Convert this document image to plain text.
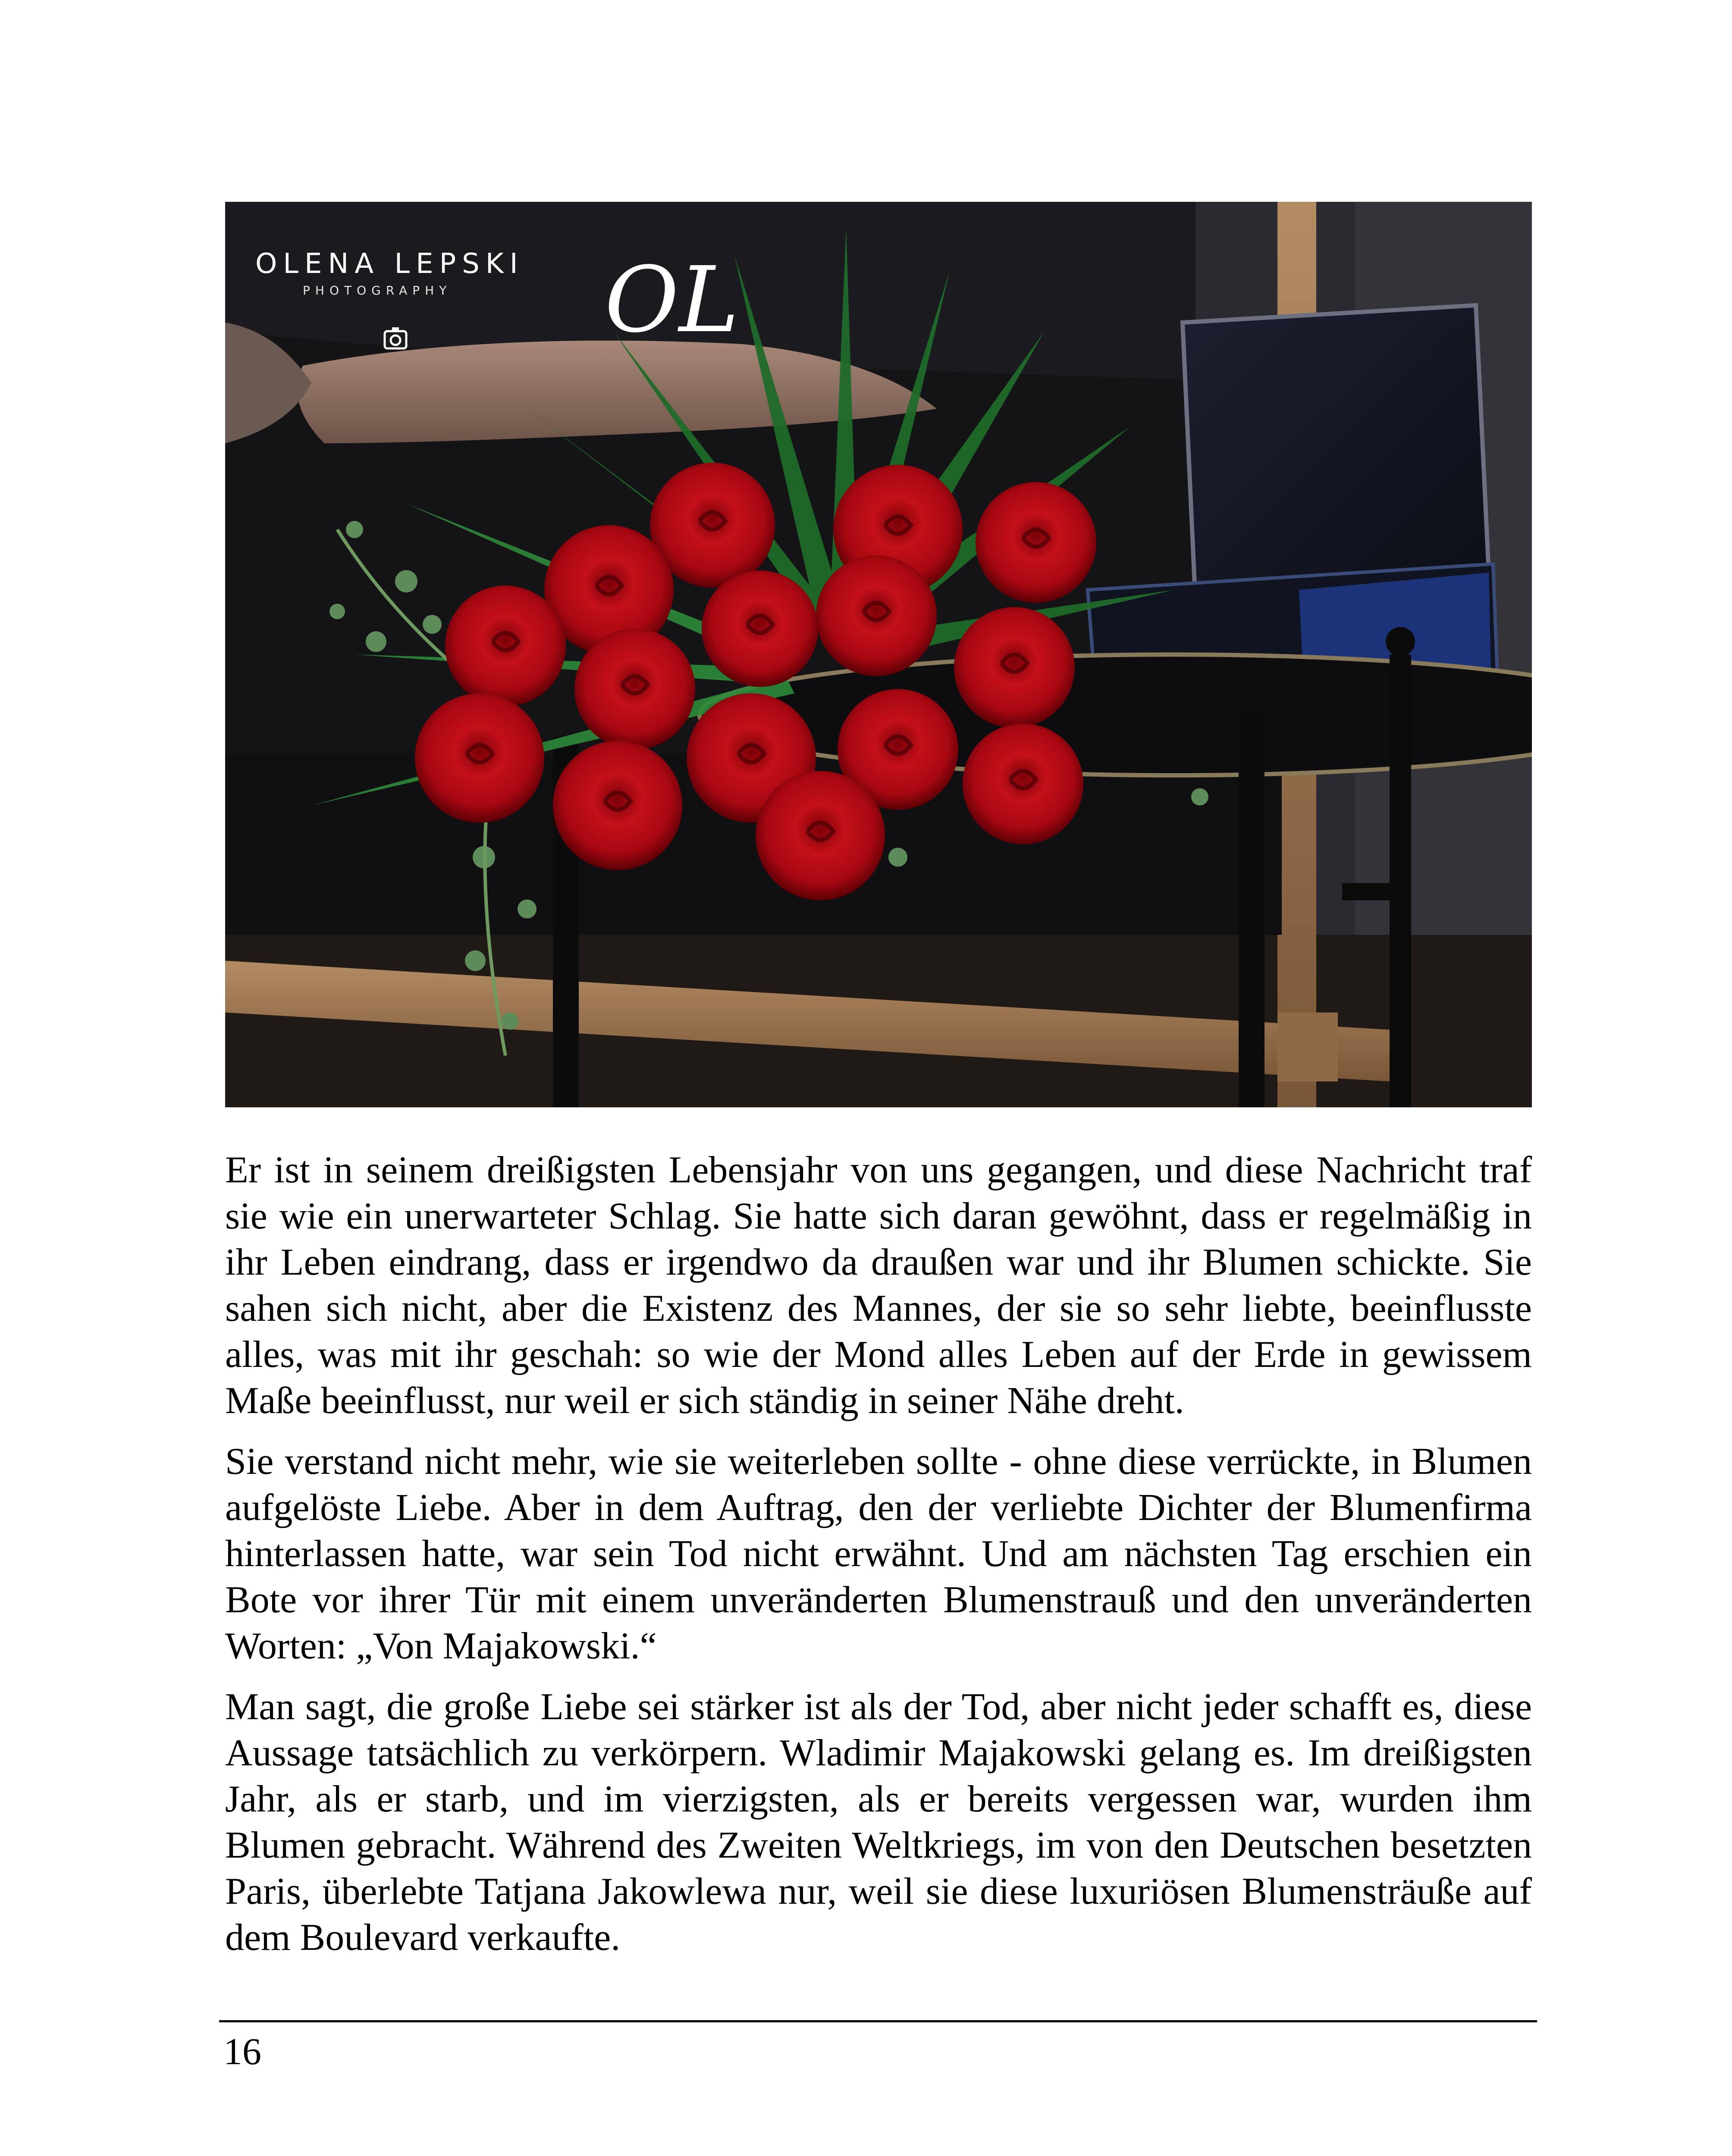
OLENA LEPSKI
PHOTOGRAPHY OL

Er ist in seinem dreißigsten Lebensjahr von uns gegangen, und diese Nachricht traf sie wie ein unerwarteter Schlag. Sie hatte sich daran gewöhnt, dass er regelmäßig in ihr Leben eindrang, dass er irgendwo da draußen war und ihr Blumen schickte. Sie sahen sich nicht, aber die Existenz des Mannes, der sie so sehr liebte, beeinflusste alles, was mit ihr geschah: so wie der Mond alles Leben auf der Erde in gewissem Maße beeinflusst, nur weil er sich ständig in seiner Nähe dreht.

Sie verstand nicht mehr, wie sie weiterleben sollte - ohne diese verrückte, in Blumen aufgelöste Liebe. Aber in dem Auftrag, den der verliebte Dichter der Blumenfirma hinterlassen hatte, war sein Tod nicht erwähnt. Und am nächsten Tag erschien ein Bote vor ihrer Tür mit einem unveränderten Blumenstrauß und den unveränderten Worten: „Von Majakowski.“

Man sagt, die große Liebe sei stärker ist als der Tod, aber nicht jeder schafft es, diese Aussage tatsächlich zu verkörpern. Wladimir Majakowski gelang es. Im dreißigsten Jahr, als er starb, und im vierzigsten, als er bereits vergessen war, wurden ihm Blumen gebracht. Während des Zweiten Weltkriegs, im von den Deutschen besetzten Paris, überlebte Tatjana Jakowlewa nur, weil sie diese luxuriösen Blumensträuße auf dem Boulevard verkaufte.

16
